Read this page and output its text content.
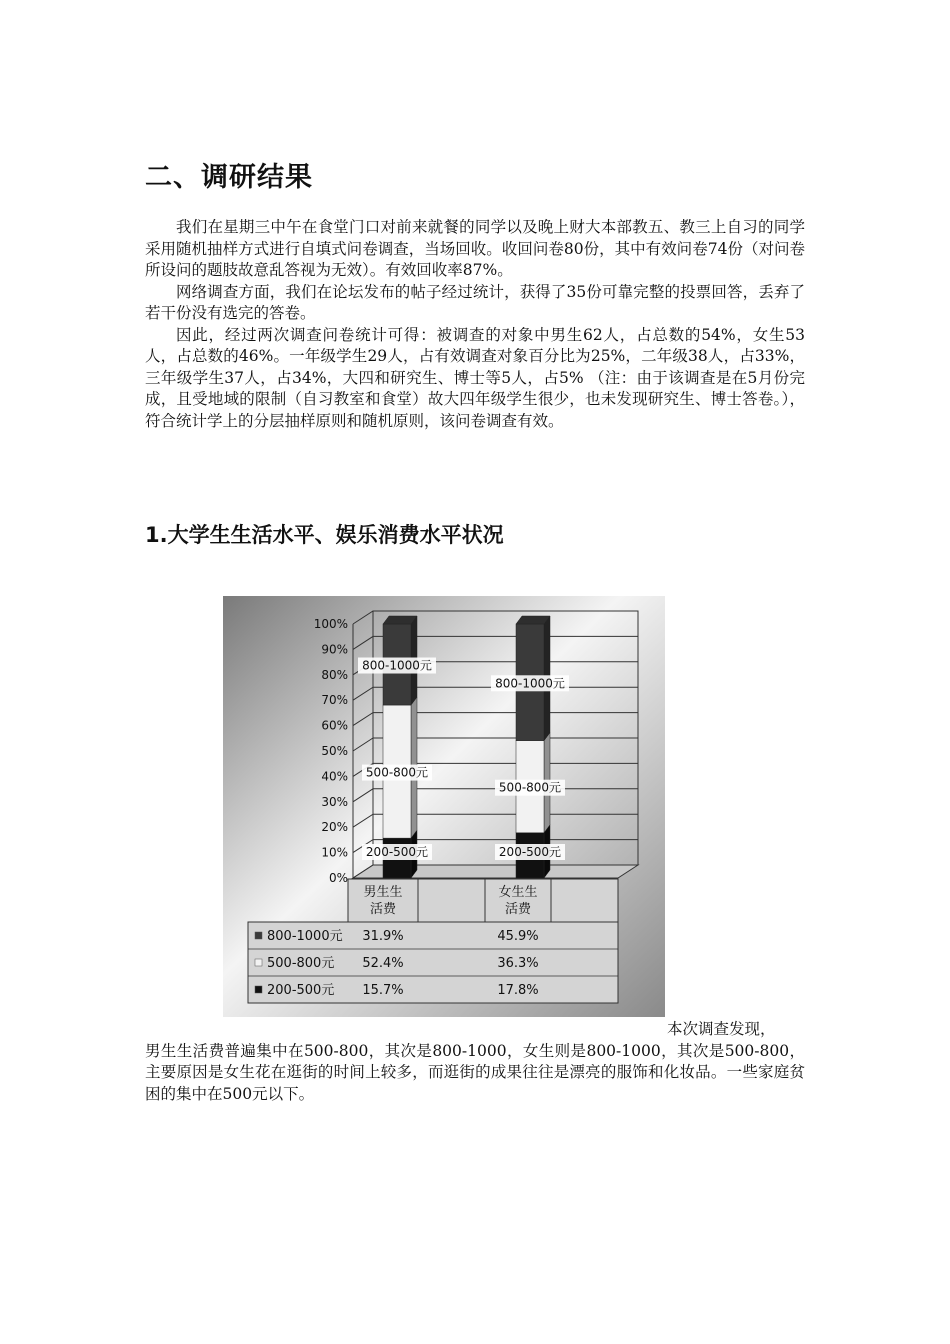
二、调研结果

我们在星期三中午在食堂门口对前来就餐的同学以及晚上财大本部教五、教三上自习的同学采用随机抽样方式进行自填式问卷调查，当场回收。收回问卷80份，其中有效问卷74份（对问卷所设问的题肢故意乱答视为无效）。有效回收率87%。

网络调查方面，我们在论坛发布的帖子经过统计，获得了35份可靠完整的投票回答，丢弃了若干份没有选完的答卷。

因此，经过两次调查问卷统计可得：被调查的对象中男生62人，占总数的54%，女生53人，占总数的46%。一年级学生29人，占有效调查对象百分比为25%，二年级38人，占33%，三年级学生37人，占34%，大四和研究生、博士等5人，占5% （注：由于该调查是在5月份完成，且受地域的限制（自习教室和食堂）故大四年级学生很少，也未发现研究生、博士答卷。），符合统计学上的分层抽样原则和随机原则，该问卷调查有效。

1.大学生生活水平、娱乐消费水平状况
0%
10%
20%
30%
40%
50%
60%
70%
80%
90%
100%
200-500元
500-800元
800-1000元
200-500元
500-800元
800-1000元
男生生
活费
女生生
活费
800-1000元 31.9%	45.9%
500-800元 52.4%	36.3%
200-500元 15.7%	17.8%
本次调查发现，
男生生活费普遍集中在500-800，其次是800-1000，女生则是800-1000，其次是500-800，主要原因是女生花在逛街的时间上较多，而逛街的成果往往是漂亮的服饰和化妆品。一些家庭贫困的集中在500元以下。
